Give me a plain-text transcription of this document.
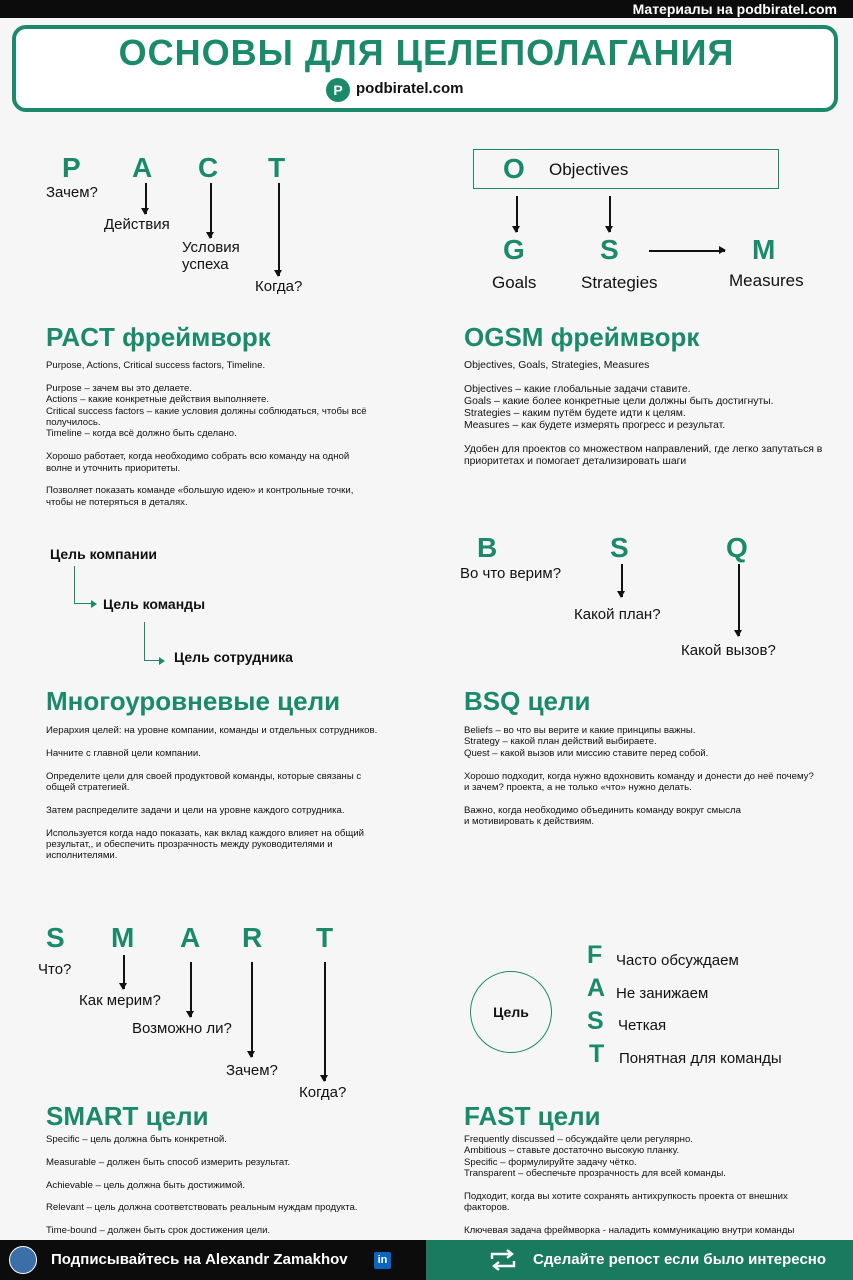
Материалы на podbiratel.com
ОСНОВЫ ДЛЯ ЦЕЛЕПОЛАГАНИЯ
P podbiratel.com
P A C T
Зачем?
Действия
Условия
успеха
Когда?
PACT фреймворк
Purpose, Actions, Critical success factors, Timeline.

Purpose – зачем вы это делаете.
Actions – какие конкретные действия выполняете.
Critical success factors – какие условия должны соблюдаться, чтобы всё получилось.
Timeline – когда всё должно быть сделано.

Хорошо работает, когда необходимо собрать всю команду на одной волне и уточнить приоритеты.

Позволяет показать команде «большую идею» и контрольные точки, чтобы не потеряться в деталях.
O Objectives
G	S	M
Goals	Strategies	Measures
OGSM фреймворк
Objectives, Goals, Strategies, Measures

Objectives – какие глобальные задачи ставите.
Goals – какие более конкретные цели должны быть достигнуты.
Strategies – каким путём будете идти к целям.
Measures – как будете измерять прогресс и результат.

Удобен для проектов со множеством направлений, где легко запутаться в приоритетах и помогает детализировать шаги
Цель компании
Цель команды
Цель сотрудника
Многоуровневые цели
Иерархия целей: на уровне компании, команды и отдельных сотрудников.

Начните с главной цели компании.

Определите цели для своей продуктовой команды, которые связаны с общей стратегией.

Затем распределите задачи и цели на уровне каждого сотрудника.

Используется когда надо показать, как вклад каждого влияет на общий результат,, и обеспечить прозрачность между руководителями и исполнителями.
B	S	Q
Во что верим?
Какой план?
Какой вызов?
BSQ цели
Beliefs – во что вы верите и какие принципы важны.
Strategy – какой план действий выбираете.
Quest – какой вызов или миссию ставите перед собой.

Хорошо подходит, когда нужно вдохновить команду и донести до неё почему?
и зачем? проекта, а не только «что» нужно делать.

Важно, когда необходимо объединить команду вокруг смысла
и мотивировать к действиям.
S M A R T
Что?
Как мерим?
Возможно ли?
Зачем?
Когда?
SMART цели
Specific – цель должна быть конкретной.

Measurable – должен быть способ измерить результат.

Achievable – цель должна быть достижимой.

Relevant – цель должна соответствовать реальным нуждам продукта.

Time-bound – должен быть срок достижения цели.
Цель
F
A
S
T
Часто обсуждаем
Не занижаем
Четкая
Понятная для команды
FAST цели
Frequently discussed – обсуждайте цели регулярно.
Ambitious – ставьте достаточно высокую планку.
Specific – формулируйте задачу чётко.
Transparent – обеспечьте прозрачность для всей команды.

Подходит, когда вы хотите сохранять антихрупкость проекта от внешних факторов.

Ключевая задача фреймворка - наладить коммуникацию внутри команды
Подписывайтесь на Alexandr Zamakhov	in	Сделайте репост если было интересно
